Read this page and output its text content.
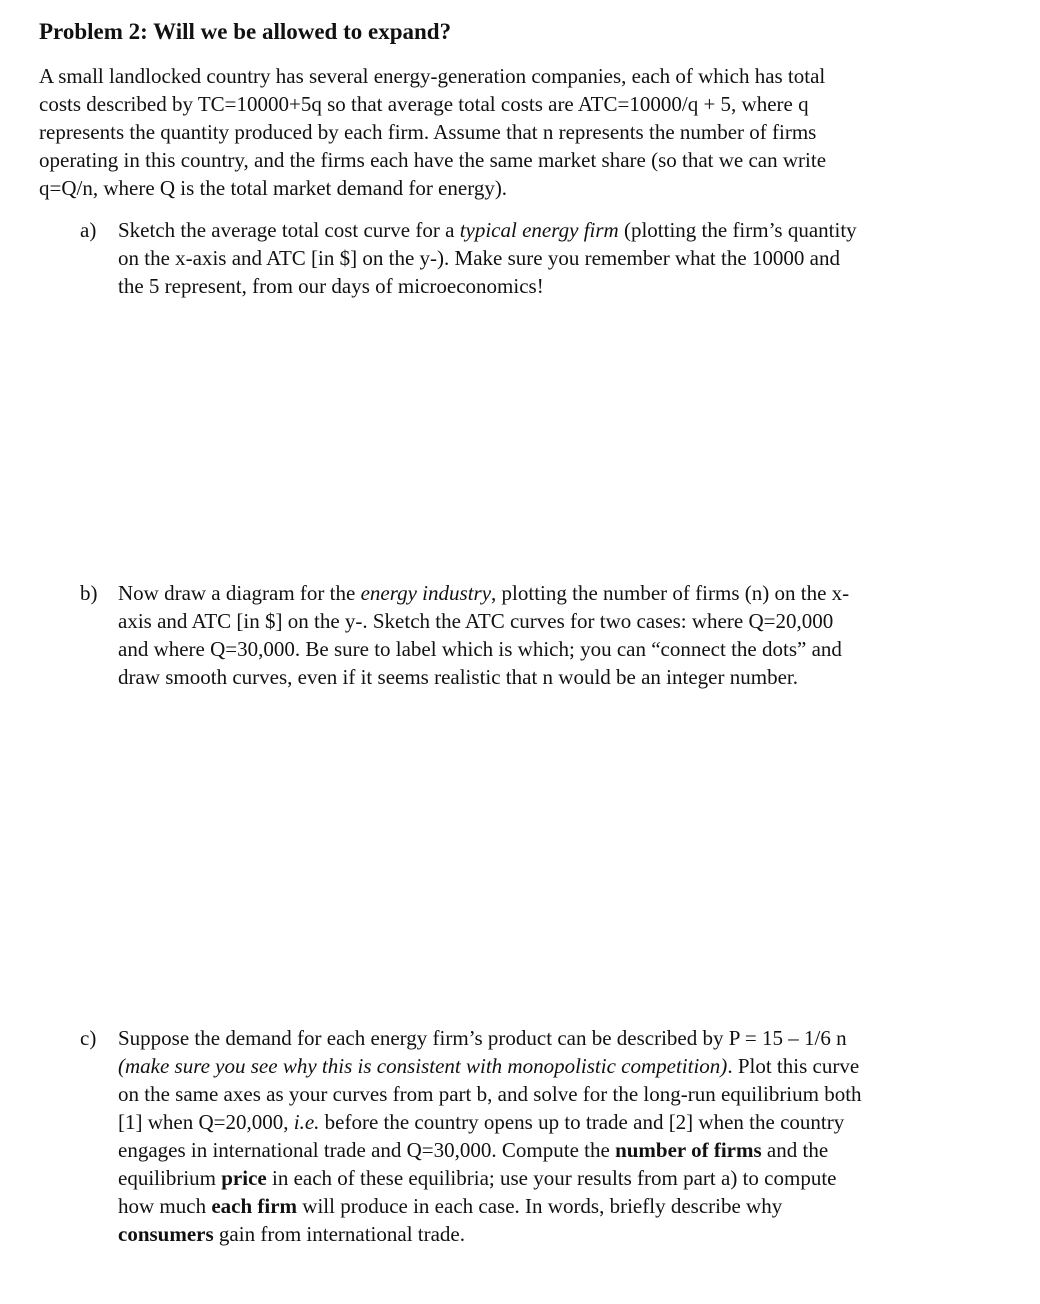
Problem 2: Will we be allowed to expand?
A small landlocked country has several energy-generation companies, each of which has total
costs described by TC=10000+5q so that average total costs are ATC=10000/q + 5, where q
represents the quantity produced by each firm. Assume that n represents the number of firms
operating in this country, and the firms each have the same market share (so that we can write
q=Q/n, where Q is the total market demand for energy).
a)	Sketch the average total cost curve for a typical energy firm (plotting the firm’s quantity
on the x-axis and ATC [in $] on the y-). Make sure you remember what the 10000 and
the 5 represent, from our days of microeconomics!
b) Now draw a diagram for the energy industry, plotting the number of firms (n) on the x-
axis and ATC [in $] on the y-. Sketch the ATC curves for two cases: where Q=20,000
and where Q=30,000. Be sure to label which is which; you can “connect the dots” and
draw smooth curves, even if it seems realistic that n would be an integer number.
c)	Suppose the demand for each energy firm’s product can be described by P = 15 – 1/6 n
(make sure you see why this is consistent with monopolistic competition). Plot this curve
on the same axes as your curves from part b, and solve for the long-run equilibrium both
[1] when Q=20,000, i.e. before the country opens up to trade and [2] when the country
engages in international trade and Q=30,000. Compute the number of firms and the
equilibrium price in each of these equilibria; use your results from part a) to compute
how much each firm will produce in each case. In words, briefly describe why
consumers gain from international trade.
